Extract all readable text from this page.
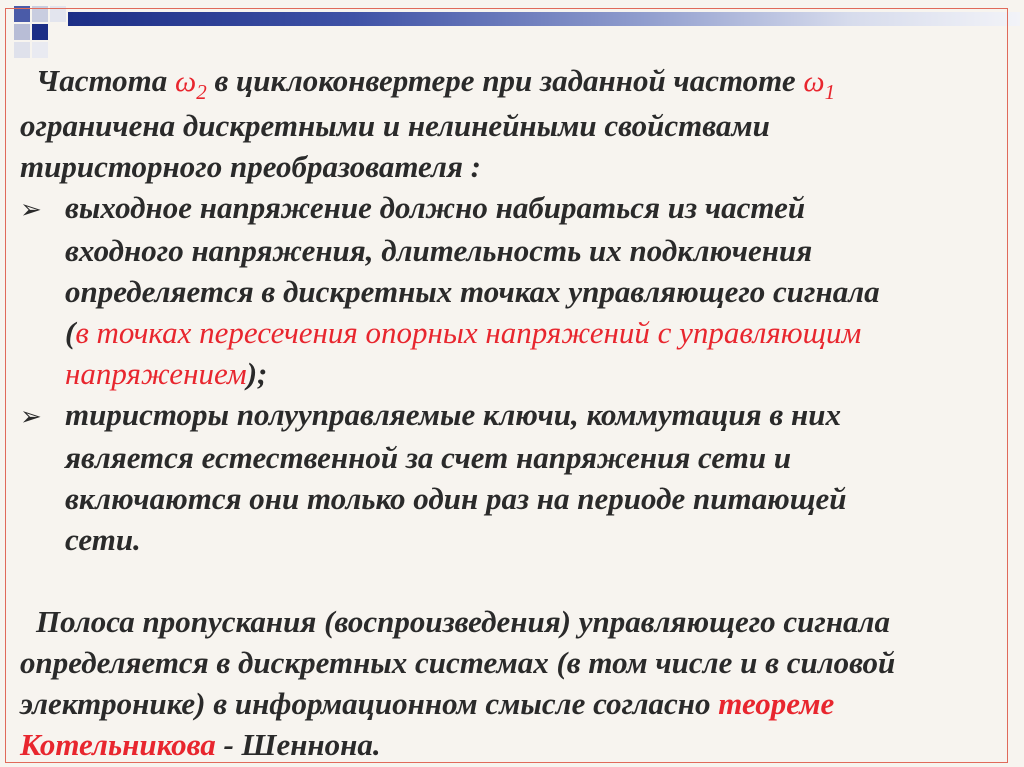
Частота $\omega_2$ в циклоконвертере при заданной частоте $\omega_1$
ограничена дискретными и нелинейными свойствами
тиристорного преобразователя :
➢ выходное напряжение должно набираться из частей
входного напряжения, длительность их подключения
определяется в дискретных точках управляющего сигнала
(в точках пересечения опорных напряжений с управляющим
напряжением);
➢ тиристоры полууправляемые ключи, коммутация в них
является естественной за счет напряжения сети и
включаются они только один раз на периоде питающей
сети.
Полоса пропускания (воспроизведения) управляющего сигнала
определяется в дискретных системах (в том числе и в силовой
электронике) в информационном смысле согласно теореме
Котельникова - Шеннона.
